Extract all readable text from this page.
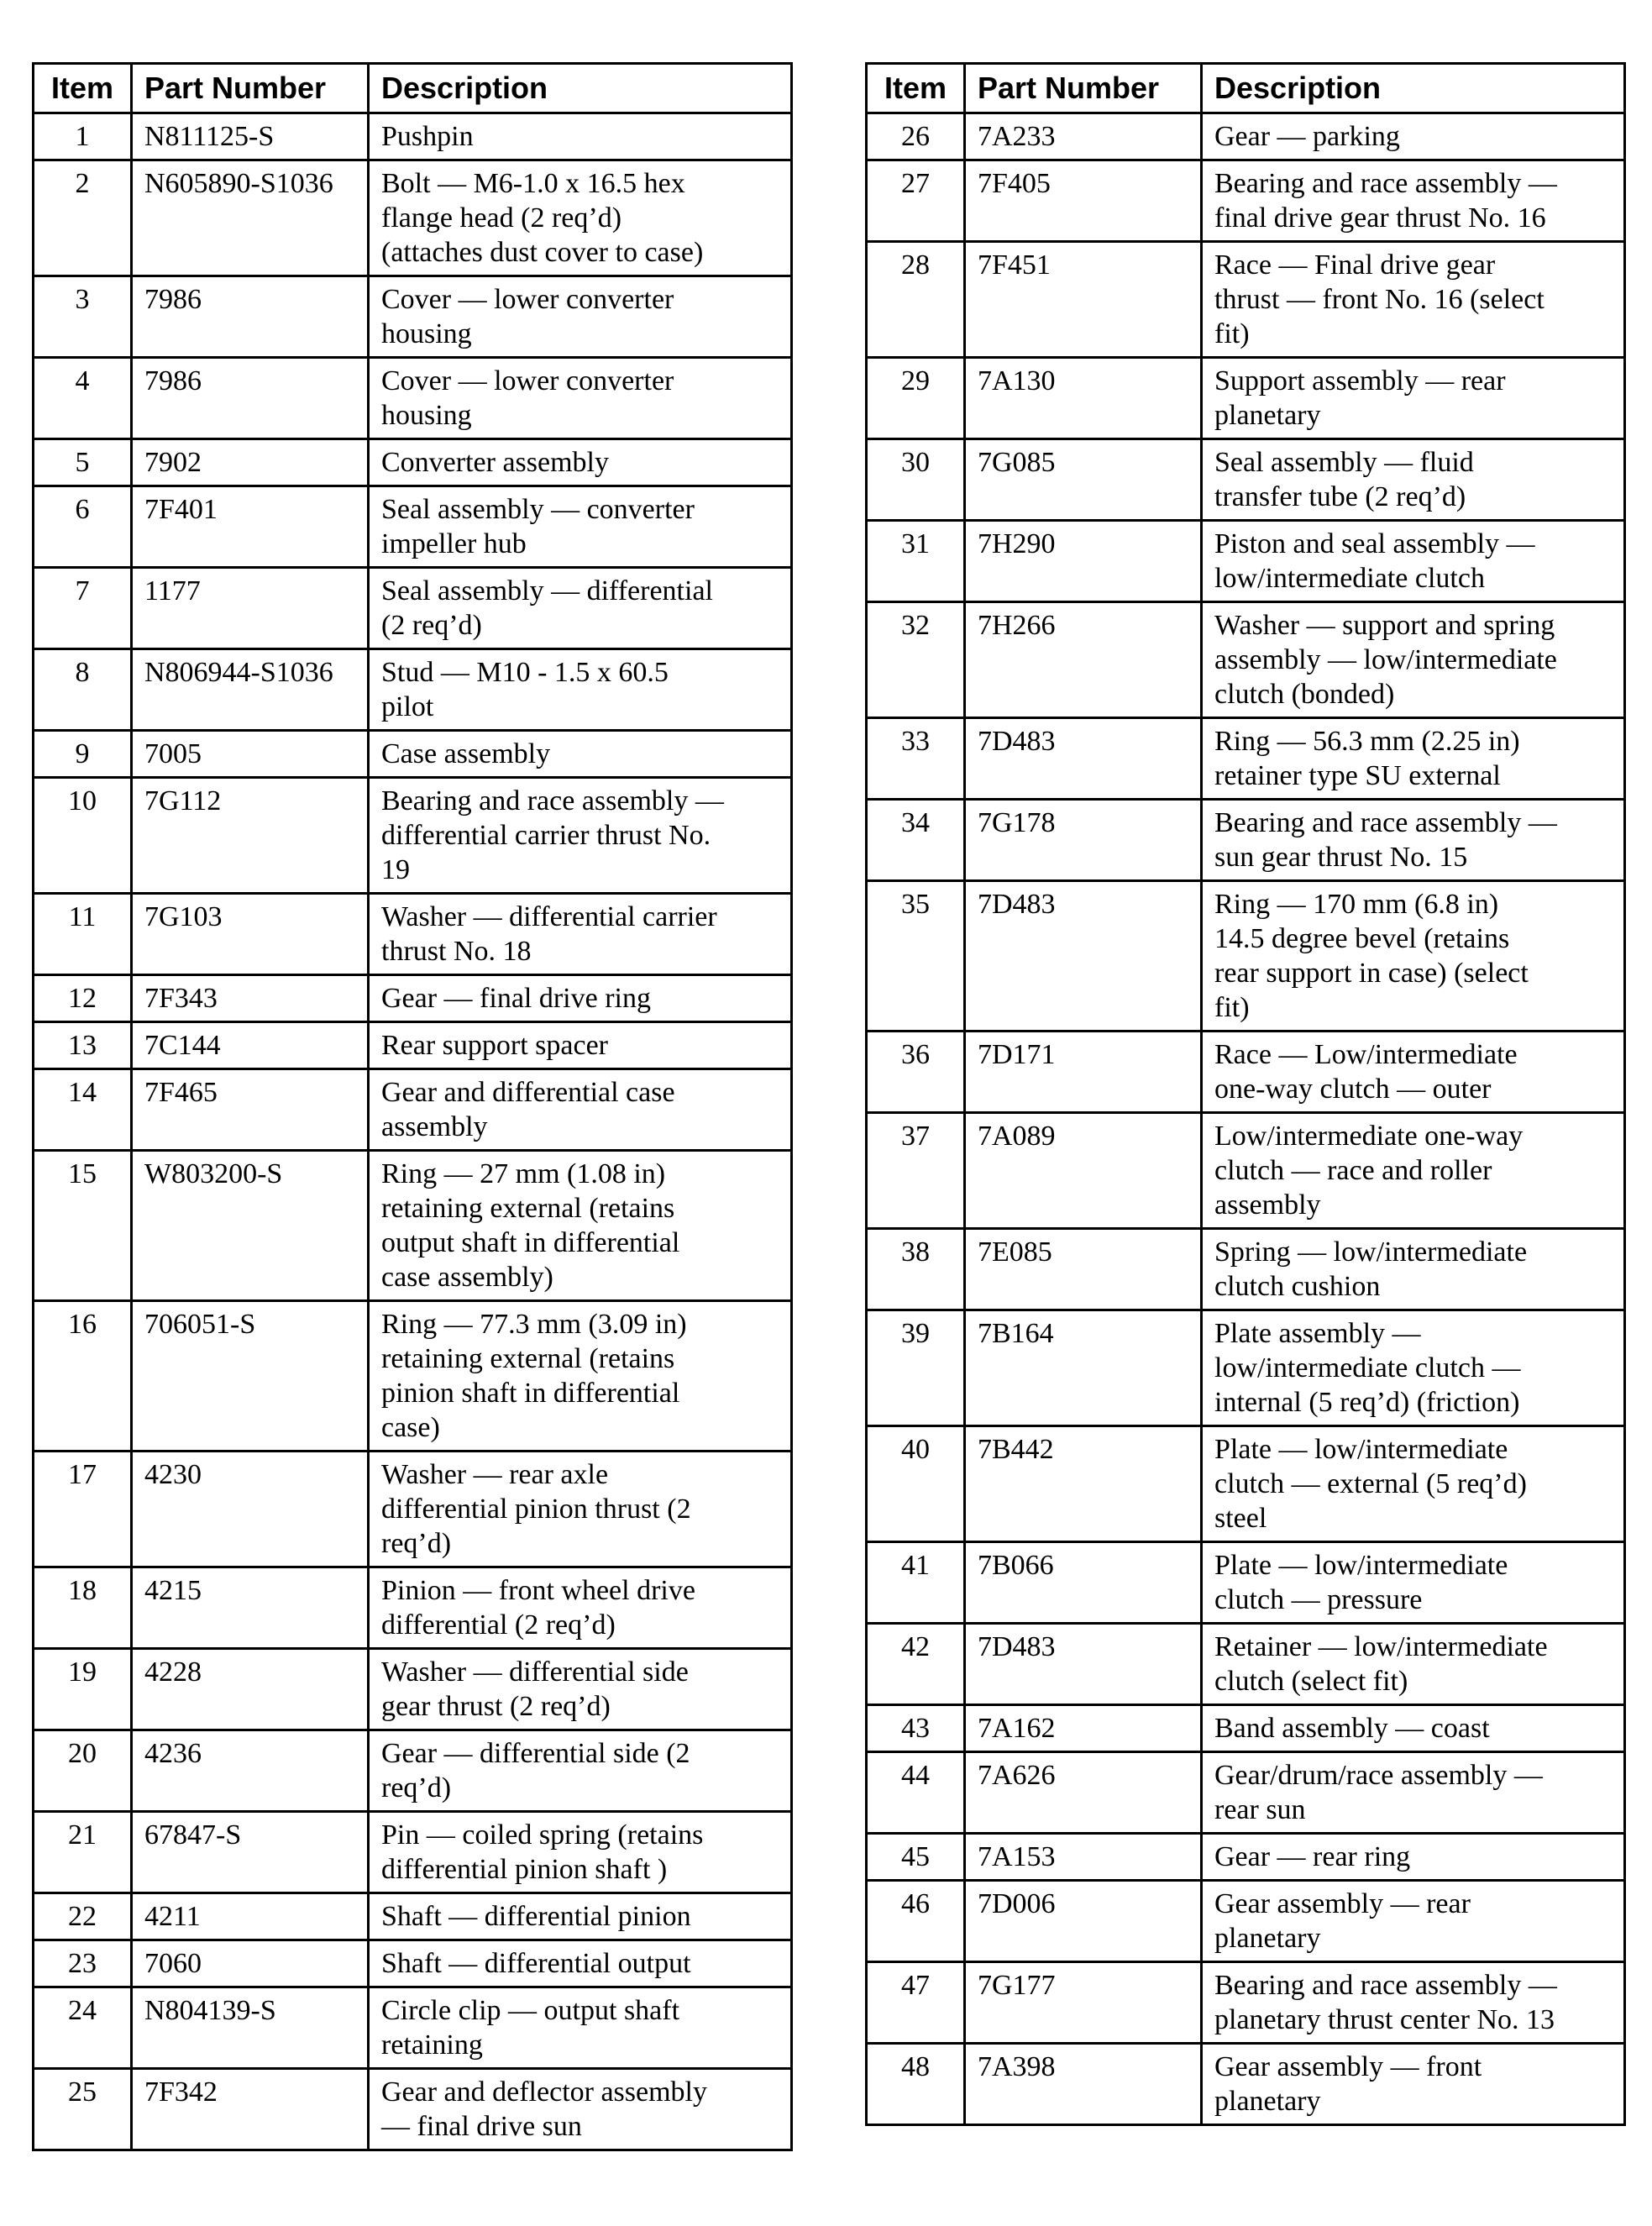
Item	Part Number	Description
1	N811125-S	Pushpin
2	N605890-S1036	Bolt — M6-1.0 x 16.5 hex
flange head (2 req’d)
(attaches dust cover to case)
3	7986	Cover — lower converter
housing
4	7986	Cover — lower converter
housing
5	7902	Converter assembly
6	7F401	Seal assembly — converter
impeller hub
7	1177	Seal assembly — differential
(2 req’d)
8	N806944-S1036	Stud — M10 - 1.5 x 60.5
pilot
9	7005	Case assembly
10	7G112	Bearing and race assembly —
differential carrier thrust No.
19
11	7G103	Washer — differential carrier
thrust No. 18
12	7F343	Gear — final drive ring
13	7C144	Rear support spacer
14	7F465	Gear and differential case
assembly
15	W803200-S	Ring — 27 mm (1.08 in)
retaining external (retains
output shaft in differential
case assembly)
16	706051-S	Ring — 77.3 mm (3.09 in)
retaining external (retains
pinion shaft in differential
case)
17	4230	Washer — rear axle
differential pinion thrust (2
req’d)
18	4215	Pinion — front wheel drive
differential (2 req’d)
19	4228	Washer — differential side
gear thrust (2 req’d)
20	4236	Gear — differential side (2
req’d)
21	67847-S	Pin — coiled spring (retains
differential pinion shaft )
22	4211	Shaft — differential pinion
23	7060	Shaft — differential output
24	N804139-S	Circle clip — output shaft
retaining
25	7F342	Gear and deflector assembly
— final drive sun
Item	Part Number	Description
26	7A233	Gear — parking
27	7F405	Bearing and race assembly —
final drive gear thrust No. 16
28	7F451	Race — Final drive gear
thrust — front No. 16 (select
fit)
29	7A130	Support assembly — rear
planetary
30	7G085	Seal assembly — fluid
transfer tube (2 req’d)
31	7H290	Piston and seal assembly —
low/intermediate clutch
32	7H266	Washer — support and spring
assembly — low/intermediate
clutch (bonded)
33	7D483	Ring — 56.3 mm (2.25 in)
retainer type SU external
34	7G178	Bearing and race assembly —
sun gear thrust No. 15
35	7D483	Ring — 170 mm (6.8 in)
14.5 degree bevel (retains
rear support in case) (select
fit)
36	7D171	Race — Low/intermediate
one-way clutch — outer
37	7A089	Low/intermediate one-way
clutch — race and roller
assembly
38	7E085	Spring — low/intermediate
clutch cushion
39	7B164	Plate assembly —
low/intermediate clutch —
internal (5 req’d) (friction)
40	7B442	Plate — low/intermediate
clutch — external (5 req’d)
steel
41	7B066	Plate — low/intermediate
clutch — pressure
42	7D483	Retainer — low/intermediate
clutch (select fit)
43	7A162	Band assembly — coast
44	7A626	Gear/drum/race assembly —
rear sun
45	7A153	Gear — rear ring
46	7D006	Gear assembly — rear
planetary
47	7G177	Bearing and race assembly —
planetary thrust center No. 13
48	7A398	Gear assembly — front
planetary
